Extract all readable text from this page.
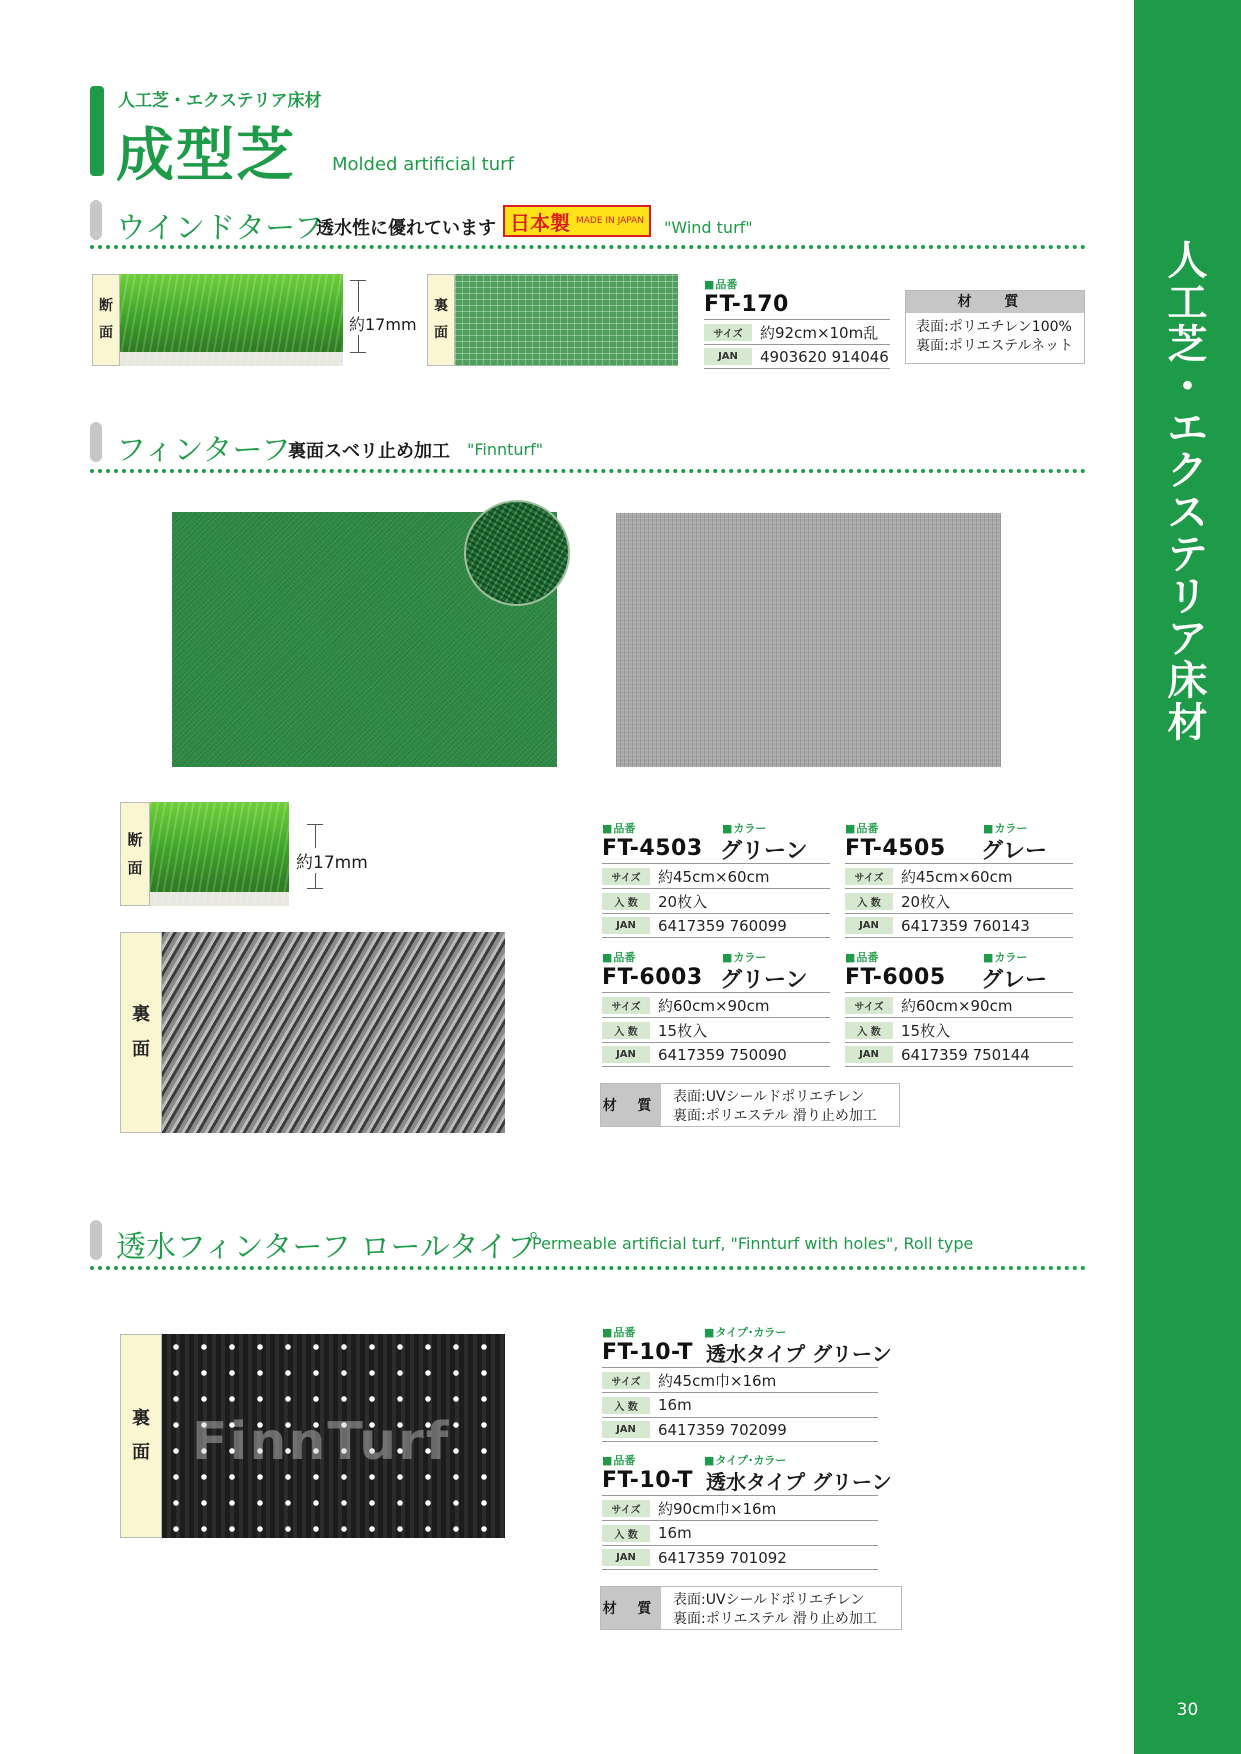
人
工
芝
・
エ
ク
ス
テ
リ
ア
床
材
30
人工芝・エクステリア床材
成型芝 Molded artificial turf
ウインドターフ
透水性に優れています 日本製 MADE IN JAPAN "Wind turf"
断
面	約17mm
裏
面
■ 品番
FT-170
サイズ	約92cm×10m乱
JAN	4903620 914046
材 質
表面:ポリエチレン100%
裏面:ポリエステルネット
フィンターフ
裏面スベリ止め加工 "Finnturf"
断
面	約17mm
裏
面
■ 品番	■ カラー
FT-4503 グリーン
サイズ	約45cm×60cm
入 数	20枚入
JAN	6417359 760099
■ 品番	■ カラー
FT-4505	グレー
サイズ	約45cm×60cm
入 数	20枚入
JAN	6417359 760143
■ 品番	■ カラー
FT-6003 グリーン
サイズ	約60cm×90cm
入 数	15枚入
JAN	6417359 750090
■ 品番	■ カラー
FT-6005	グレー
サイズ	約60cm×90cm
入 数	15枚入
JAN	6417359 750144
材 質
表面:UVシールドポリエチレン
裏面:ポリエステル 滑り止め加工
透水フィンターフ ロールタイプ
Permeable artificial turf, "Finnturf with holes", Roll type
裏
面 FinnTurf
■ 品番	■ タイプ･カラー
FT-10-T 透水タイプ グリーン
サイズ	約45cm巾×16m
入 数	16m
JAN	6417359 702099
■ 品番	■ タイプ･カラー
FT-10-T 透水タイプ グリーン
サイズ	約90cm巾×16m
入 数	16m
JAN	6417359 701092
材 質
表面:UVシールドポリエチレン
裏面:ポリエステル 滑り止め加工
